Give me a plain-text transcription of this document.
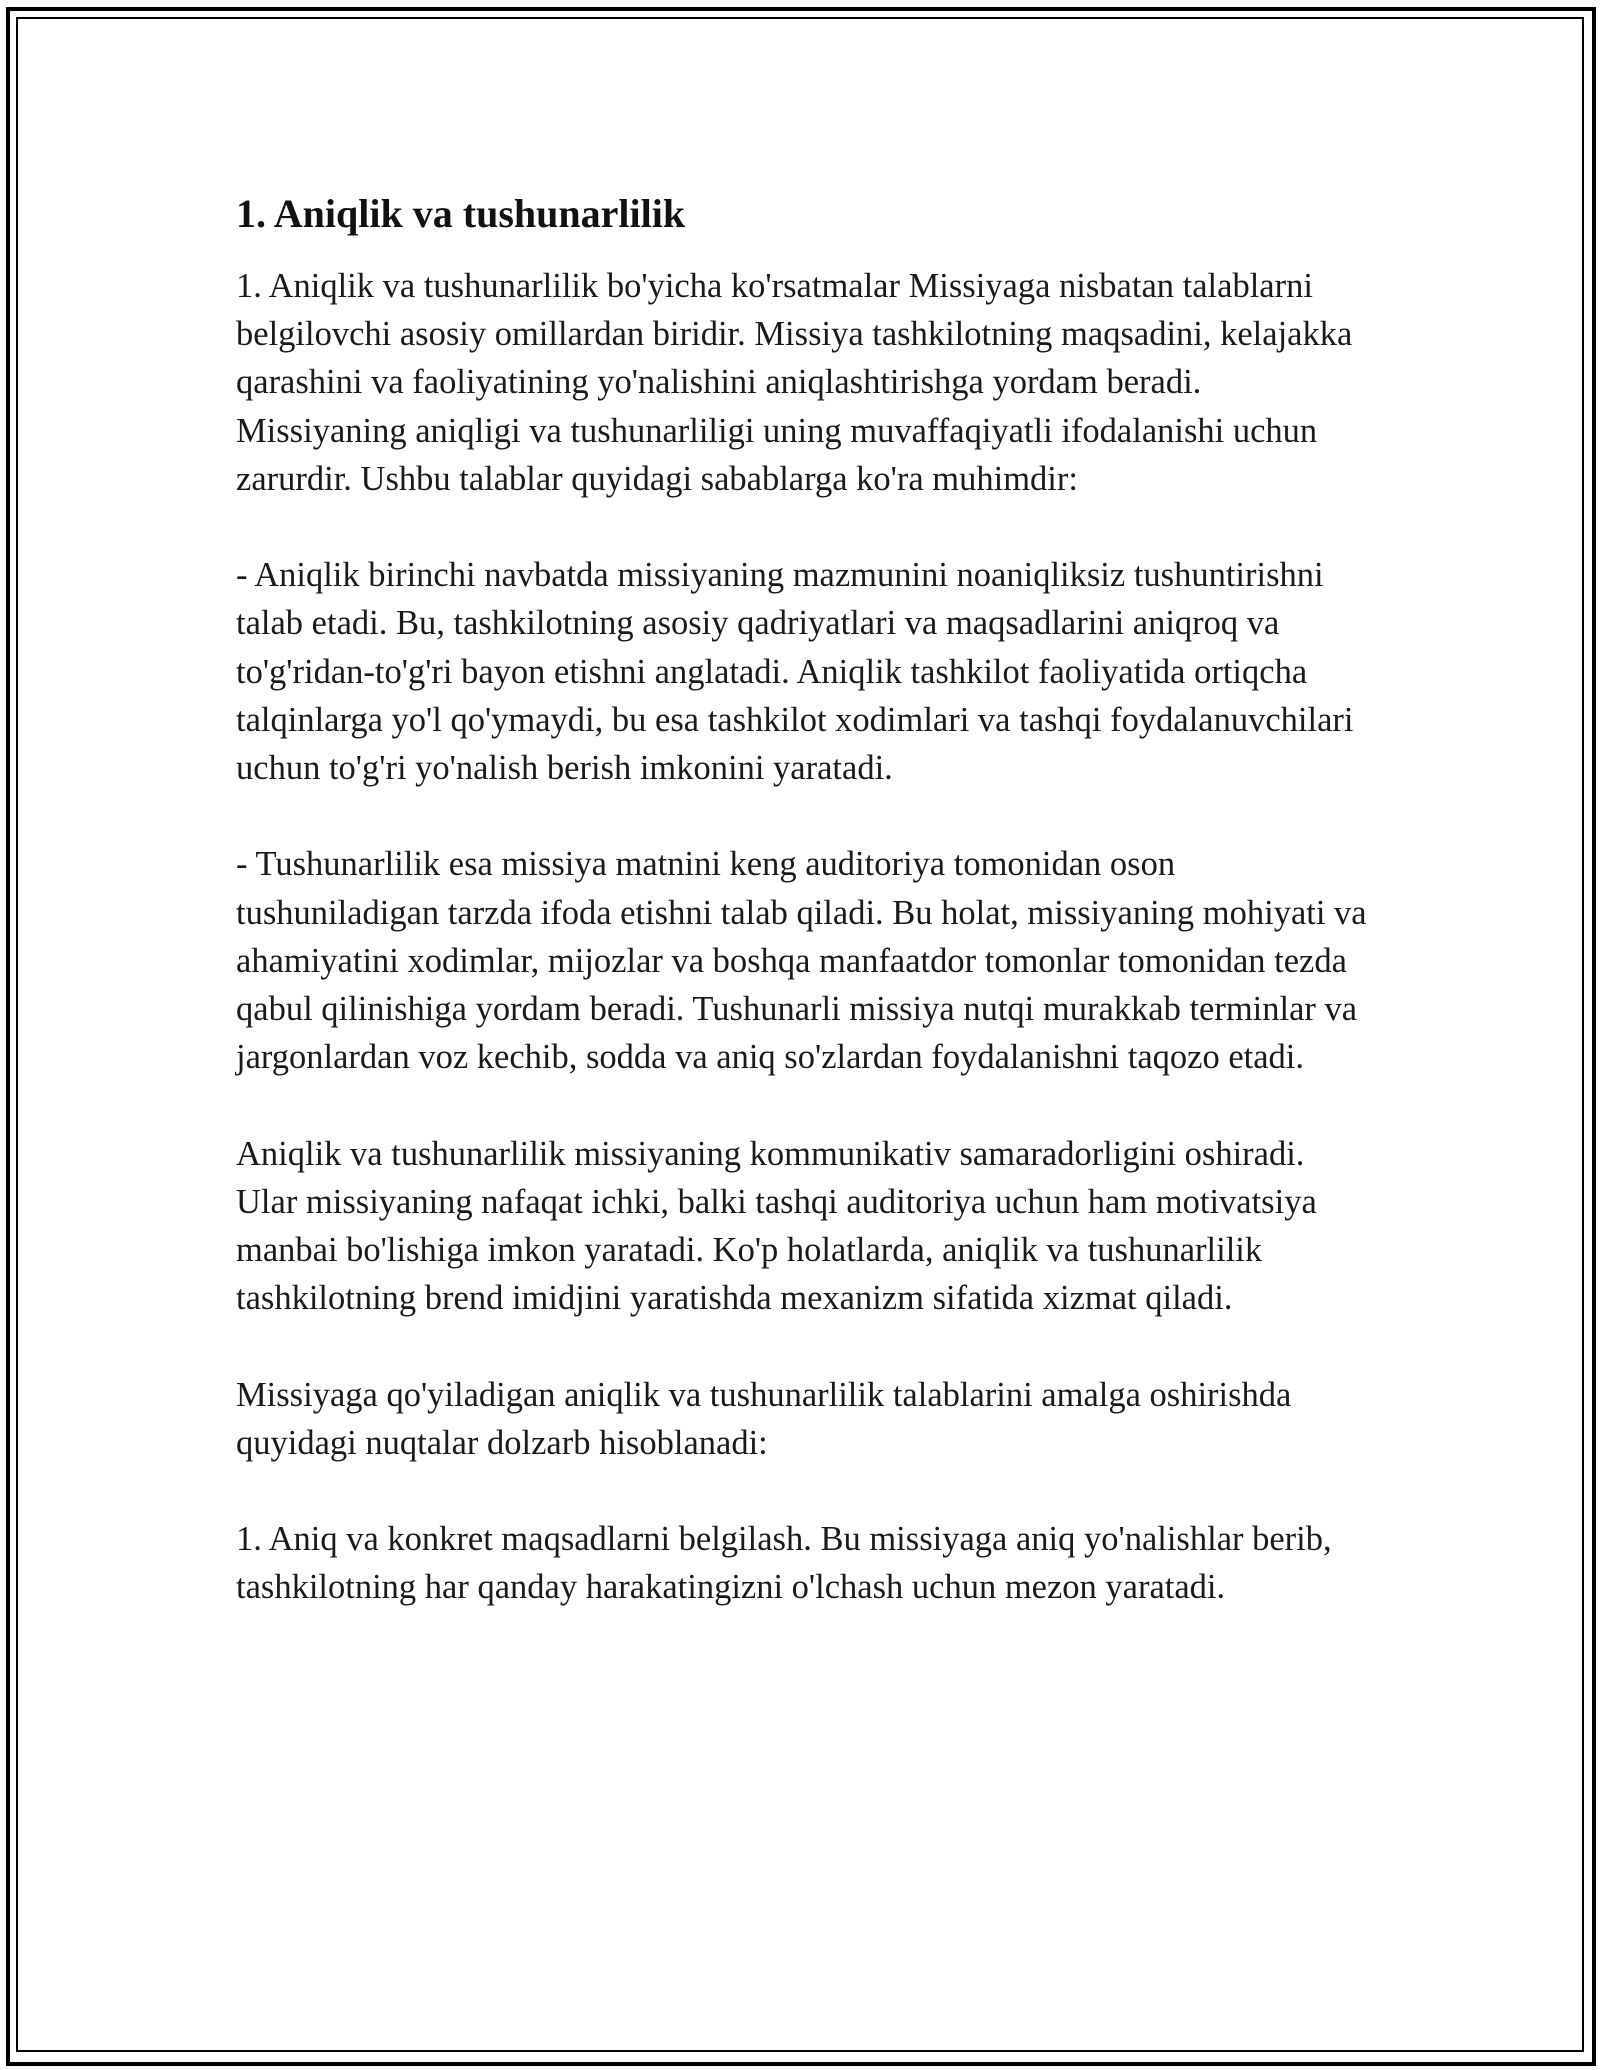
1. Aniqlik va tushunarlilik

1. Aniqlik va tushunarlilik bo'yicha ko'rsatmalar Missiyaga nisbatan talablarni belgilovchi asosiy omillardan biridir. Missiya tashkilotning maqsadini, kelajakka qarashini va faoliyatining yo'nalishini aniqlashtirishga yordam beradi. Missiyaning aniqligi va tushunarliligi uning muvaffaqiyatli ifodalanishi uchun zarurdir. Ushbu talablar quyidagi sabablarga ko'ra muhimdir:

- Aniqlik birinchi navbatda missiyaning mazmunini noaniqliksiz tushuntirishni talab etadi. Bu, tashkilotning asosiy qadriyatlari va maqsadlarini aniqroq va to'g'ridan-to'g'ri bayon etishni anglatadi. Aniqlik tashkilot faoliyatida ortiqcha talqinlarga yo'l qo'ymaydi, bu esa tashkilot xodimlari va tashqi foydalanuvchilari uchun to'g'ri yo'nalish berish imkonini yaratadi.

- Tushunarlilik esa missiya matnini keng auditoriya tomonidan oson tushuniladigan tarzda ifoda etishni talab qiladi. Bu holat, missiyaning mohiyati va ahamiyatini xodimlar, mijozlar va boshqa manfaatdor tomonlar tomonidan tezda qabul qilinishiga yordam beradi. Tushunarli missiya nutqi murakkab terminlar va jargonlardan voz kechib, sodda va aniq so'zlardan foydalanishni taqozo etadi.

Aniqlik va tushunarlilik missiyaning kommunikativ samaradorligini oshiradi. Ular missiyaning nafaqat ichki, balki tashqi auditoriya uchun ham motivatsiya manbai bo'lishiga imkon yaratadi. Ko'p holatlarda, aniqlik va tushunarlilik tashkilotning brend imidjini yaratishda mexanizm sifatida xizmat qiladi.

Missiyaga qo'yiladigan aniqlik va tushunarlilik talablarini amalga oshirishda quyidagi nuqtalar dolzarb hisoblanadi:

1. Aniq va konkret maqsadlarni belgilash. Bu missiyaga aniq yo'nalishlar berib, tashkilotning har qanday harakatingizni o'lchash uchun mezon yaratadi.
